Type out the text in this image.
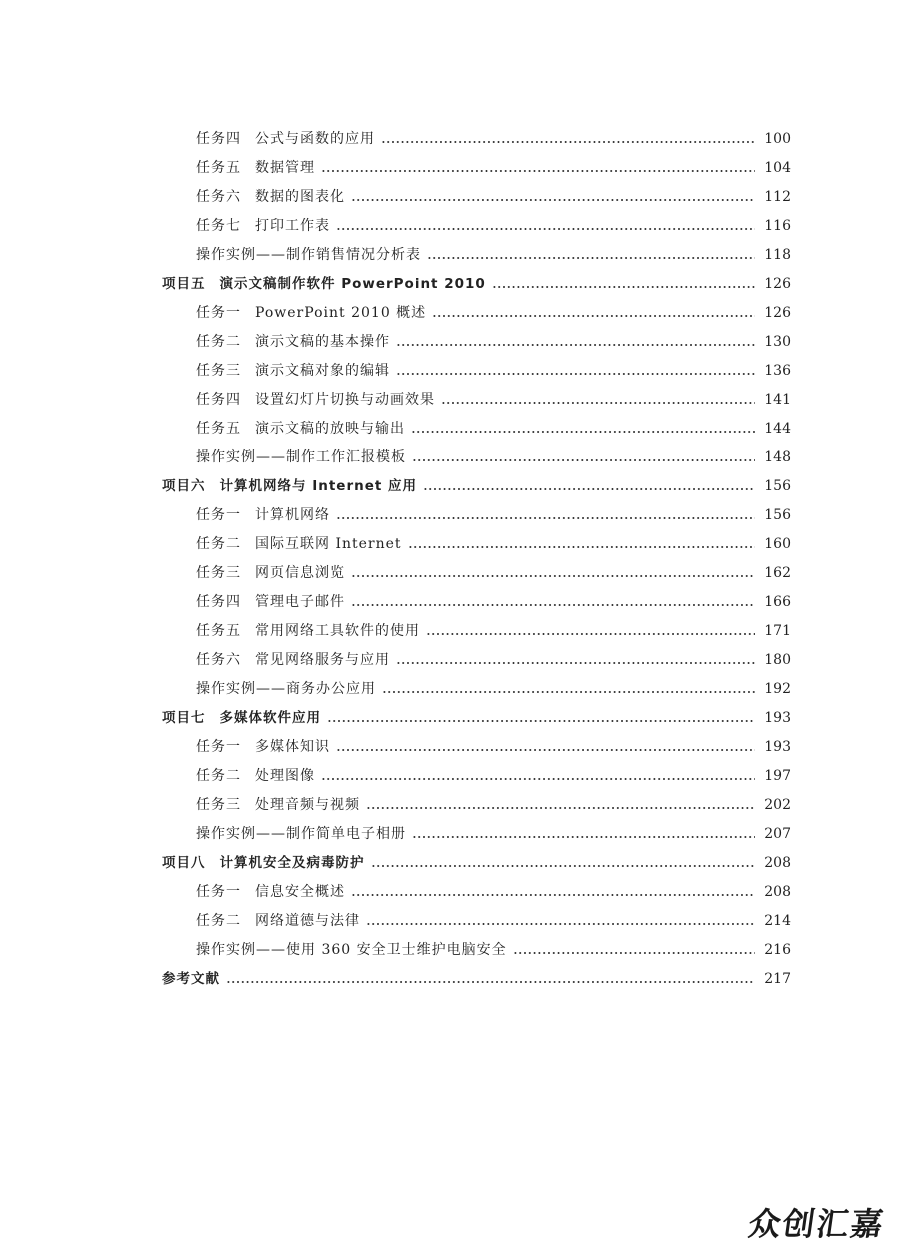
任务四 公式与函数的应用	100
任务五 数据管理	104
任务六 数据的图表化	112
任务七 打印工作表	116
操作实例——制作销售情况分析表	118
项目五 演示文稿制作软件 PowerPoint 2010	126
任务一 PowerPoint 2010 概述	126
任务二 演示文稿的基本操作	130
任务三 演示文稿对象的编辑	136
任务四 设置幻灯片切换与动画效果	141
任务五 演示文稿的放映与输出	144
操作实例——制作工作汇报模板	148
项目六 计算机网络与 Internet 应用	156
任务一 计算机网络	156
任务二 国际互联网 Internet	160
任务三 网页信息浏览	162
任务四 管理电子邮件	166
任务五 常用网络工具软件的使用	171
任务六 常见网络服务与应用	180
操作实例——商务办公应用	192
项目七 多媒体软件应用	193
任务一 多媒体知识	193
任务二 处理图像	197
任务三 处理音频与视频	202
操作实例——制作简单电子相册	207
项目八 计算机安全及病毒防护	208
任务一 信息安全概述	208
任务二 网络道德与法律	214
操作实例——使用 360 安全卫士维护电脑安全	216
参考文献	217
众创汇嘉
